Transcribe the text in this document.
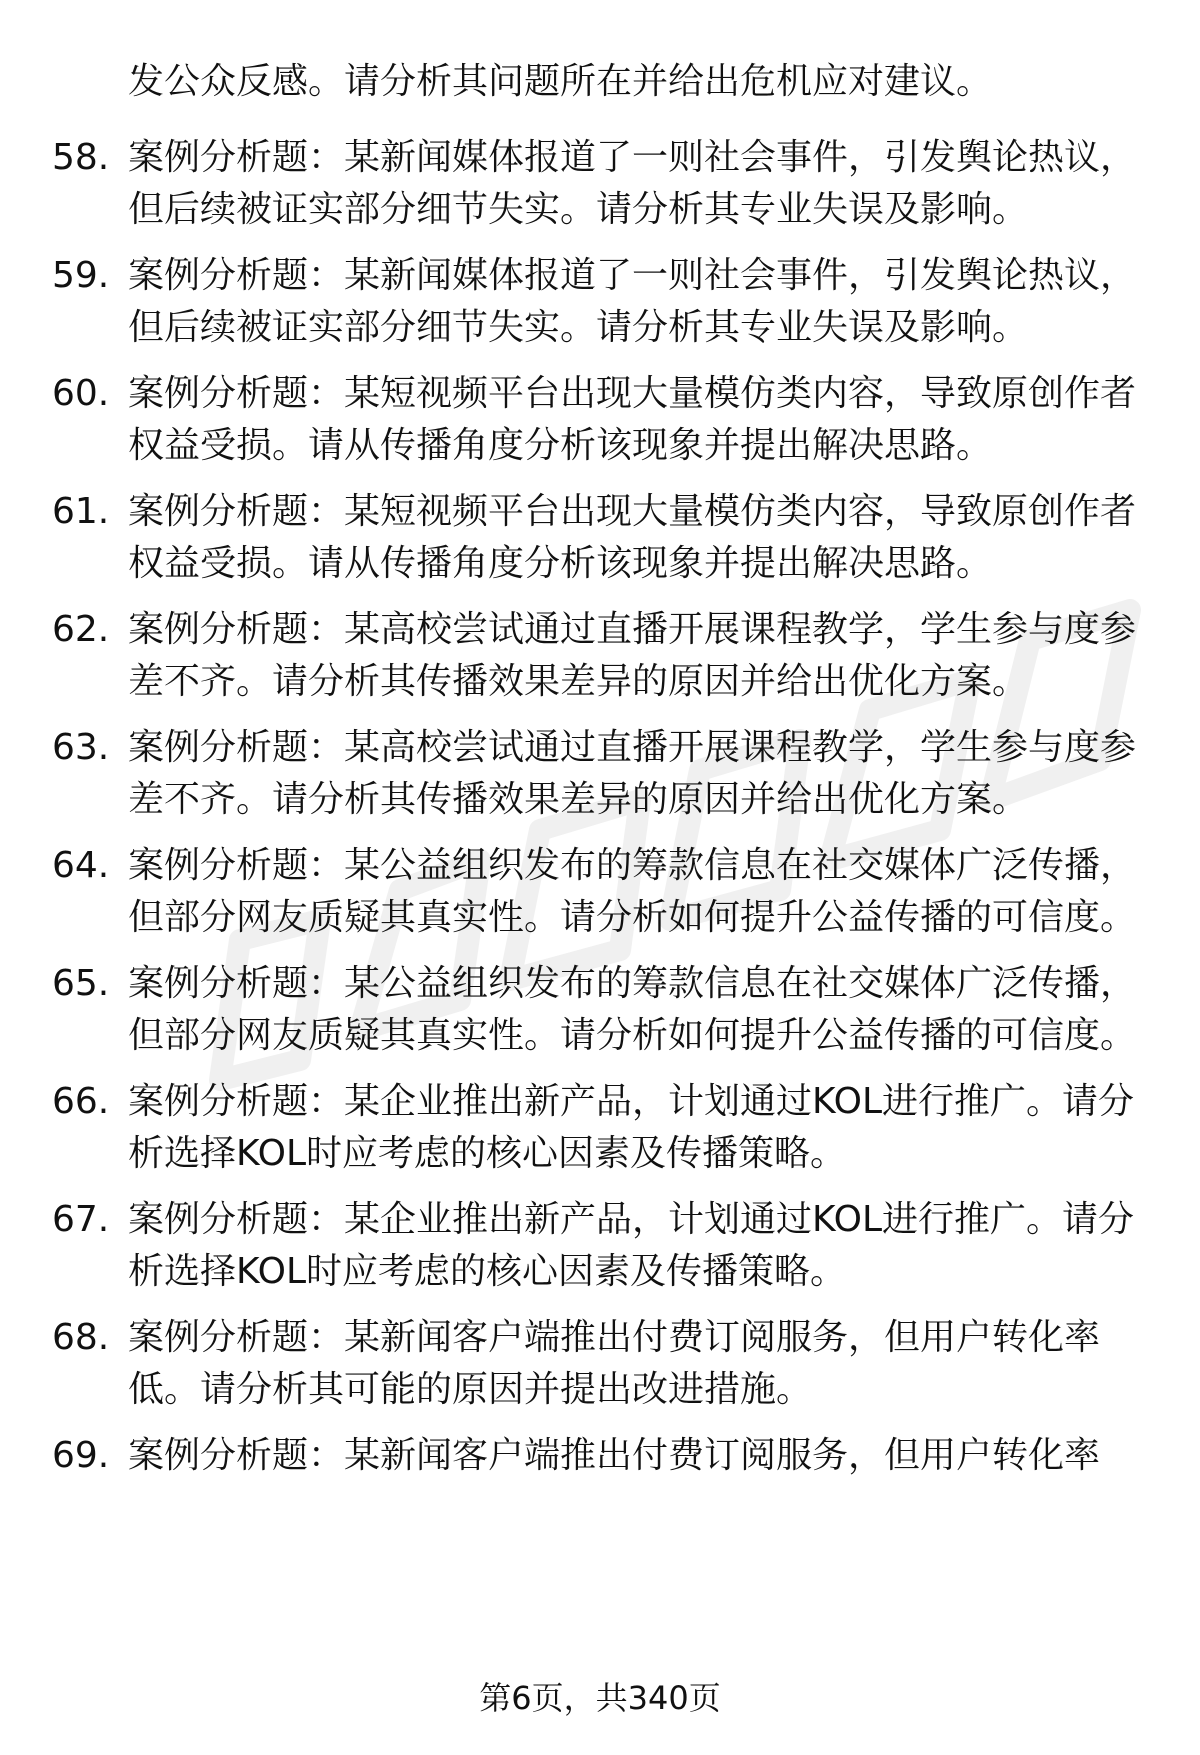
发公众反感。请分析其问题所在并给出危机应对建议。
58. 案例分析题：某新闻媒体报道了一则社会事件，引发舆论热议，
但后续被证实部分细节失实。请分析其专业失误及影响。
59. 案例分析题：某新闻媒体报道了一则社会事件，引发舆论热议，
但后续被证实部分细节失实。请分析其专业失误及影响。
60. 案例分析题：某短视频平台出现大量模仿类内容，导致原创作者
权益受损。请从传播角度分析该现象并提出解决思路。
61. 案例分析题：某短视频平台出现大量模仿类内容，导致原创作者
权益受损。请从传播角度分析该现象并提出解决思路。
62. 案例分析题：某高校尝试通过直播开展课程教学，学生参与度参
差不齐。请分析其传播效果差异的原因并给出优化方案。
63. 案例分析题：某高校尝试通过直播开展课程教学，学生参与度参
差不齐。请分析其传播效果差异的原因并给出优化方案。
64. 案例分析题：某公益组织发布的筹款信息在社交媒体广泛传播，
但部分网友质疑其真实性。请分析如何提升公益传播的可信度。
65. 案例分析题：某公益组织发布的筹款信息在社交媒体广泛传播，
但部分网友质疑其真实性。请分析如何提升公益传播的可信度。
66. 案例分析题：某企业推出新产品，计划通过KOL进行推广。请分
析选择KOL时应考虑的核心因素及传播策略。
67. 案例分析题：某企业推出新产品，计划通过KOL进行推广。请分
析选择KOL时应考虑的核心因素及传播策略。
68. 案例分析题：某新闻客户端推出付费订阅服务，但用户转化率
低。请分析其可能的原因并提出改进措施。
69. 案例分析题：某新闻客户端推出付费订阅服务，但用户转化率
第6页，共340页
